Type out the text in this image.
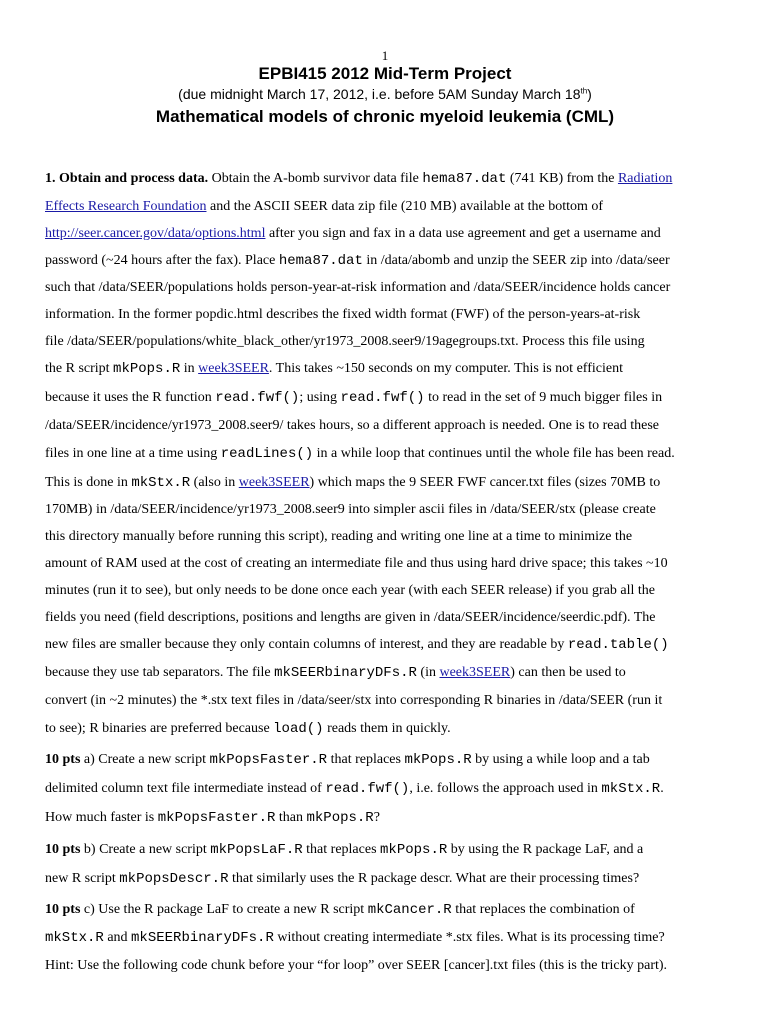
1
EPBI415 2012 Mid-Term Project
(due midnight March 17, 2012, i.e. before 5AM Sunday March 18th)
Mathematical models of chronic myeloid leukemia (CML)
1. Obtain and process data. Obtain the A-bomb survivor data file hema87.dat (741 KB) from the Radiation
Effects Research Foundation and the ASCII SEER data zip file (210 MB) available at the bottom of
http://seer.cancer.gov/data/options.html after you sign and fax in a data use agreement and get a username and
password (~24 hours after the fax). Place hema87.dat in /data/abomb and unzip the SEER zip into /data/seer
such that /data/SEER/populations holds person-year-at-risk information and /data/SEER/incidence holds cancer
information. In the former popdic.html describes the fixed width format (FWF) of the person-years-at-risk
file /data/SEER/populations/white_black_other/yr1973_2008.seer9/19agegroups.txt. Process this file using
the R script mkPops.R in week3SEER. This takes ~150 seconds on my computer. This is not efficient
because it uses the R function read.fwf(); using read.fwf() to read in the set of 9 much bigger files in
/data/SEER/incidence/yr1973_2008.seer9/ takes hours, so a different approach is needed. One is to read these
files in one line at a time using readLines() in a while loop that continues until the whole file has been read.
This is done in mkStx.R (also in week3SEER) which maps the 9 SEER FWF cancer.txt files (sizes 70MB to
170MB) in /data/SEER/incidence/yr1973_2008.seer9 into simpler ascii files in /data/SEER/stx (please create
this directory manually before running this script), reading and writing one line at a time to minimize the
amount of RAM used at the cost of creating an intermediate file and thus using hard drive space; this takes ~10
minutes (run it to see), but only needs to be done once each year (with each SEER release) if you grab all the
fields you need (field descriptions, positions and lengths are given in /data/SEER/incidence/seerdic.pdf). The
new files are smaller because they only contain columns of interest, and they are readable by read.table()
because they use tab separators. The file mkSEERbinaryDFs.R (in week3SEER) can then be used to
convert (in ~2 minutes) the *.stx text files in /data/seer/stx into corresponding R binaries in /data/SEER (run it
to see); R binaries are preferred because load() reads them in quickly.
10 pts a) Create a new script mkPopsFaster.R that replaces mkPops.R by using a while loop and a tab
delimited column text file intermediate instead of read.fwf(), i.e. follows the approach used in mkStx.R.
How much faster is mkPopsFaster.R than mkPops.R?
10 pts b) Create a new script mkPopsLaF.R that replaces mkPops.R by using the R package LaF, and a
new R script mkPopsDescr.R that similarly uses the R package descr. What are their processing times?
10 pts c) Use the R package LaF to create a new R script mkCancer.R that replaces the combination of
mkStx.R and mkSEERbinaryDFs.R without creating intermediate *.stx files. What is its processing time?
Hint: Use the following code chunk before your “for loop” over SEER [cancer].txt files (this is the tricky part).
